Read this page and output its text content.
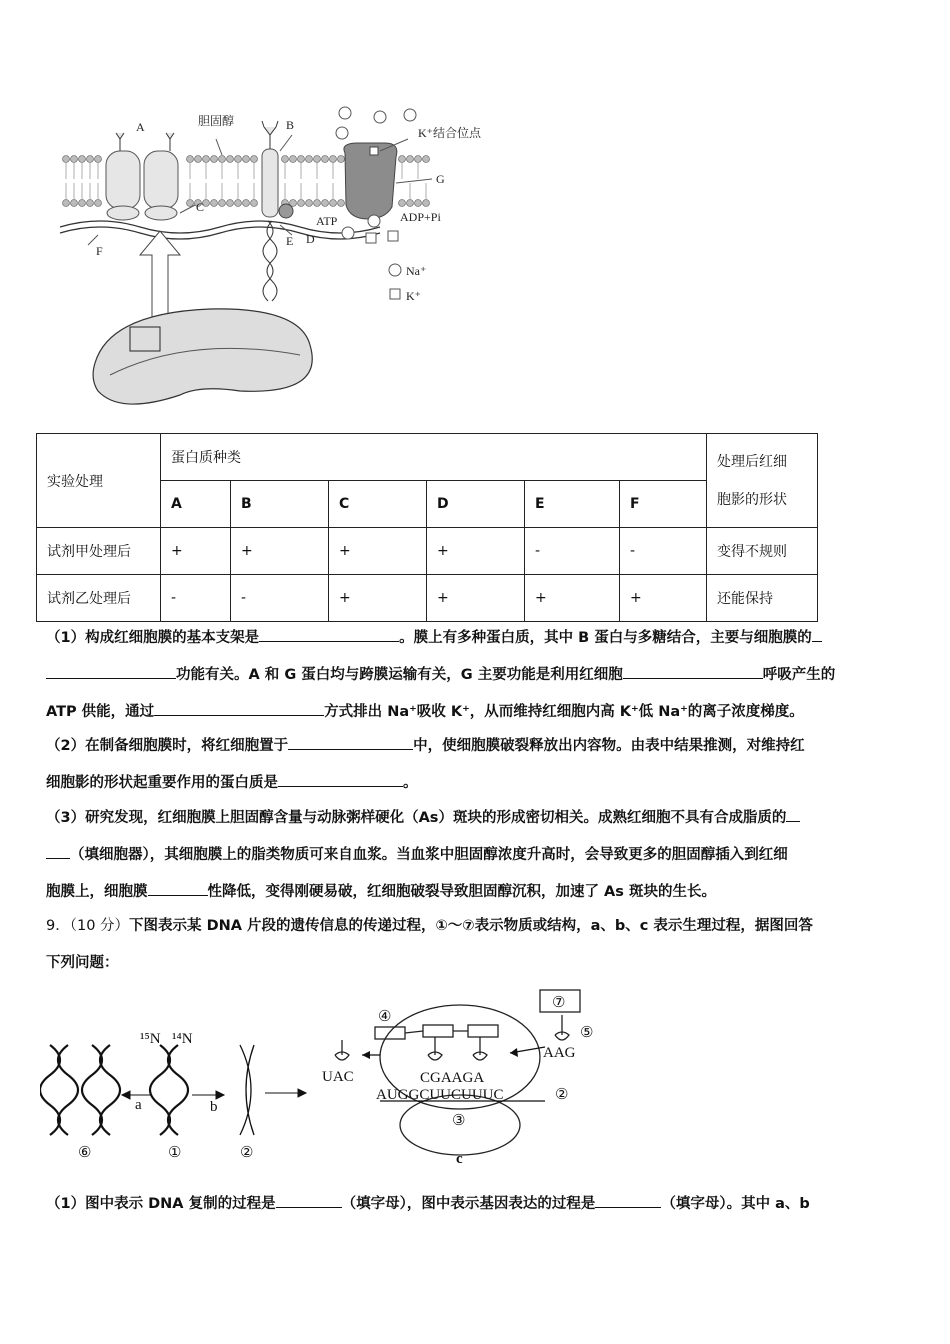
A	胆固醇	B
K⁺结合位点
G
C
ATP	ADP+Pi
E D
F
Na⁺
K⁺
实验处理	蛋白质种类						处理后红细
胞影的形状

	A	B	C	D	E	F	
试剂甲处理后	+	+	+	+	-	-	变得不规则
试剂乙处理后	-	-	+	+	+	+	还能保持
（1）构成红细胞膜的基本支架是	。膜上有多种蛋白质，其中 B 蛋白与多糖结合，主要与细胞膜的
功能有关。A 和 G 蛋白均与跨膜运输有关，G 主要功能是利用红细胞	呼吸产生的
ATP 供能，通过	方式排出 Na⁺吸收 K⁺，从而维持红细胞内高 K⁺低 Na⁺的离子浓度梯度。
（2）在制备细胞膜时，将红细胞置于	中，使细胞膜破裂释放出内容物。由表中结果推测，对维持红
细胞影的形状起重要作用的蛋白质是	。
（3）研究发现，红细胞膜上胆固醇含量与动脉粥样硬化（As）斑块的形成密切相关。成熟红细胞不具有合成脂质的
（填细胞器），其细胞膜上的脂类物质可来自血浆。当血浆中胆固醇浓度升高时，会导致更多的胆固醇插入到红细
胞膜上，细胞膜	性降低，变得刚硬易破，红细胞破裂导致胆固醇沉积，加速了 As 斑块的生长。
9．（10 分）下图表示某 DNA 片段的遗传信息的传递过程，①～⑦表示物质或结构，a、b、c 表示生理过程，据图回答
下列问题：
¹⁵N ¹⁴N
a	b
⑥	①	②
UAC	CGAAGA
AUGGCUUCUUUC	②
③
④
⑤
⑦
AAG
c
（1）图中表示 DNA 复制的过程是	（填字母），图中表示基因表达的过程是	（填字母）。其中 a、b
